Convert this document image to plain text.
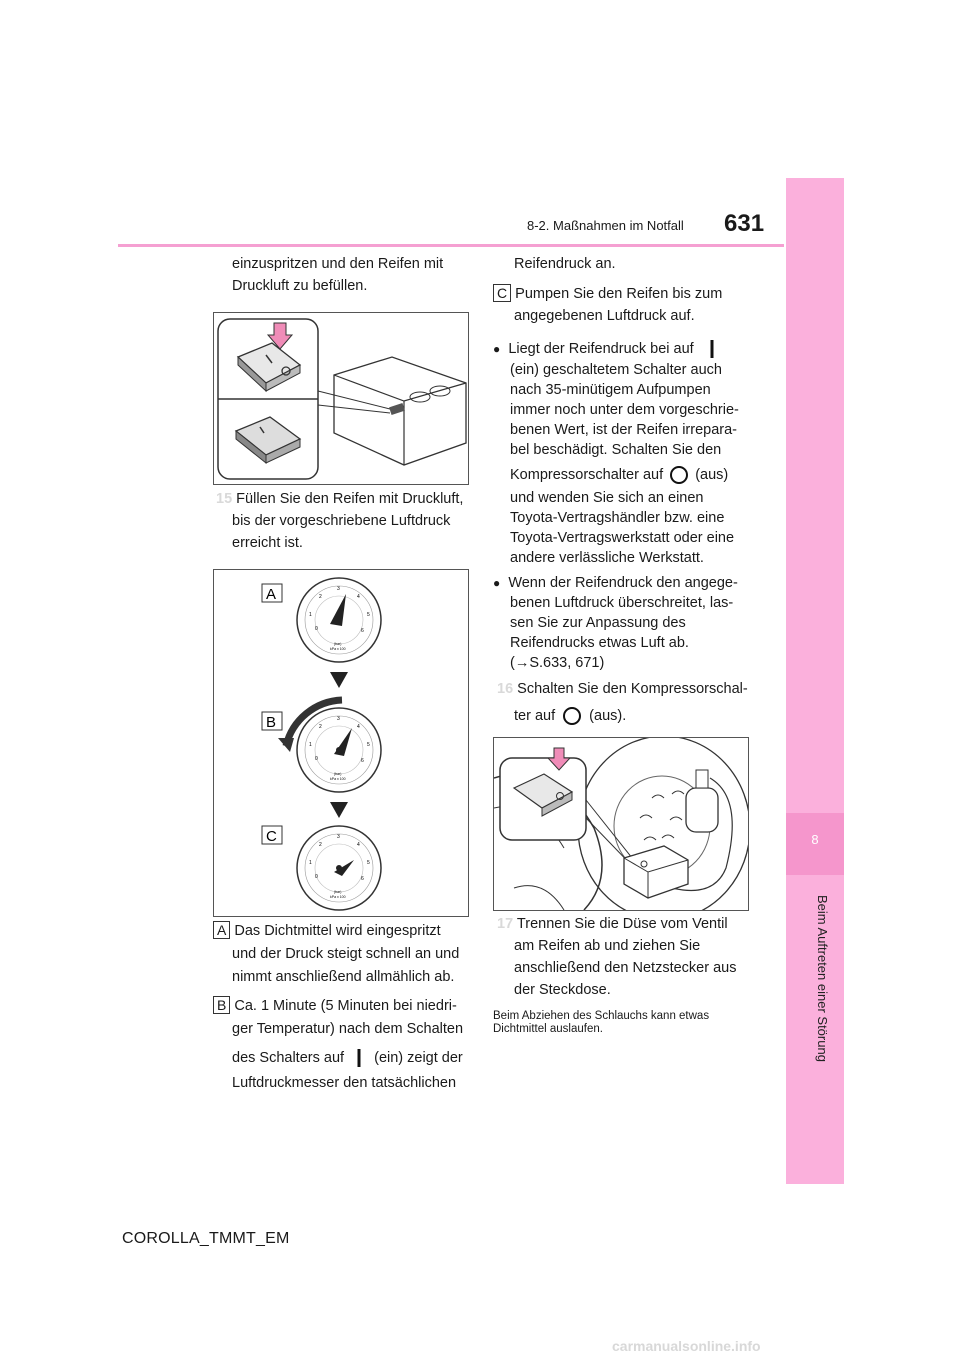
631
8-2. Maßnahmen im Notfall
8
Beim Auftreten einer Störung
einzuspritzen und den Reifen mit
Druckluft zu befüllen.
15 Füllen Sie den Reifen mit Druckluft,
bis der vorgeschriebene Luftdruck
erreicht ist.
6
r)
100	A
B
C
A Das Dichtmittel wird eingespritzt
und der Druck steigt schnell an und
nimmt anschließend allmählich ab.
B Ca. 1 Minute (5 Minuten bei niedri-
ger Temperatur) nach dem Schalten
des Schalters auf (ein) zeigt der
Luftdruckmesser den tatsächlichen
Reifendruck an.
C Pumpen Sie den Reifen bis zum
angegebenen Luftdruck auf.
● Liegt der Reifendruck bei auf
(ein) geschaltetem Schalter auch
nach 35-minütigem Aufpumpen
immer noch unter dem vorgeschrie-
benen Wert, ist der Reifen irrepara-
bel beschädigt. Schalten Sie den
Kompressorschalter auf (aus)
und wenden Sie sich an einen
Toyota-Vertragshändler bzw. eine
Toyota-Vertragswerkstatt oder eine
andere verlässliche Werkstatt.
● Wenn der Reifendruck den angege-
benen Luftdruck überschreitet, las-
sen Sie zur Anpassung des
Reifendrucks etwas Luft ab.
(→S.633, 671)
16 Schalten Sie den Kompressorschal-
ter auf (aus).
17 Trennen Sie die Düse vom Ventil
am Reifen ab und ziehen Sie
anschließend den Netzstecker aus
der Steckdose.
Beim Abziehen des Schlauchs kann etwas
Dichtmittel auslaufen.
COROLLA_TMMT_EM
carmanualsonline.info
